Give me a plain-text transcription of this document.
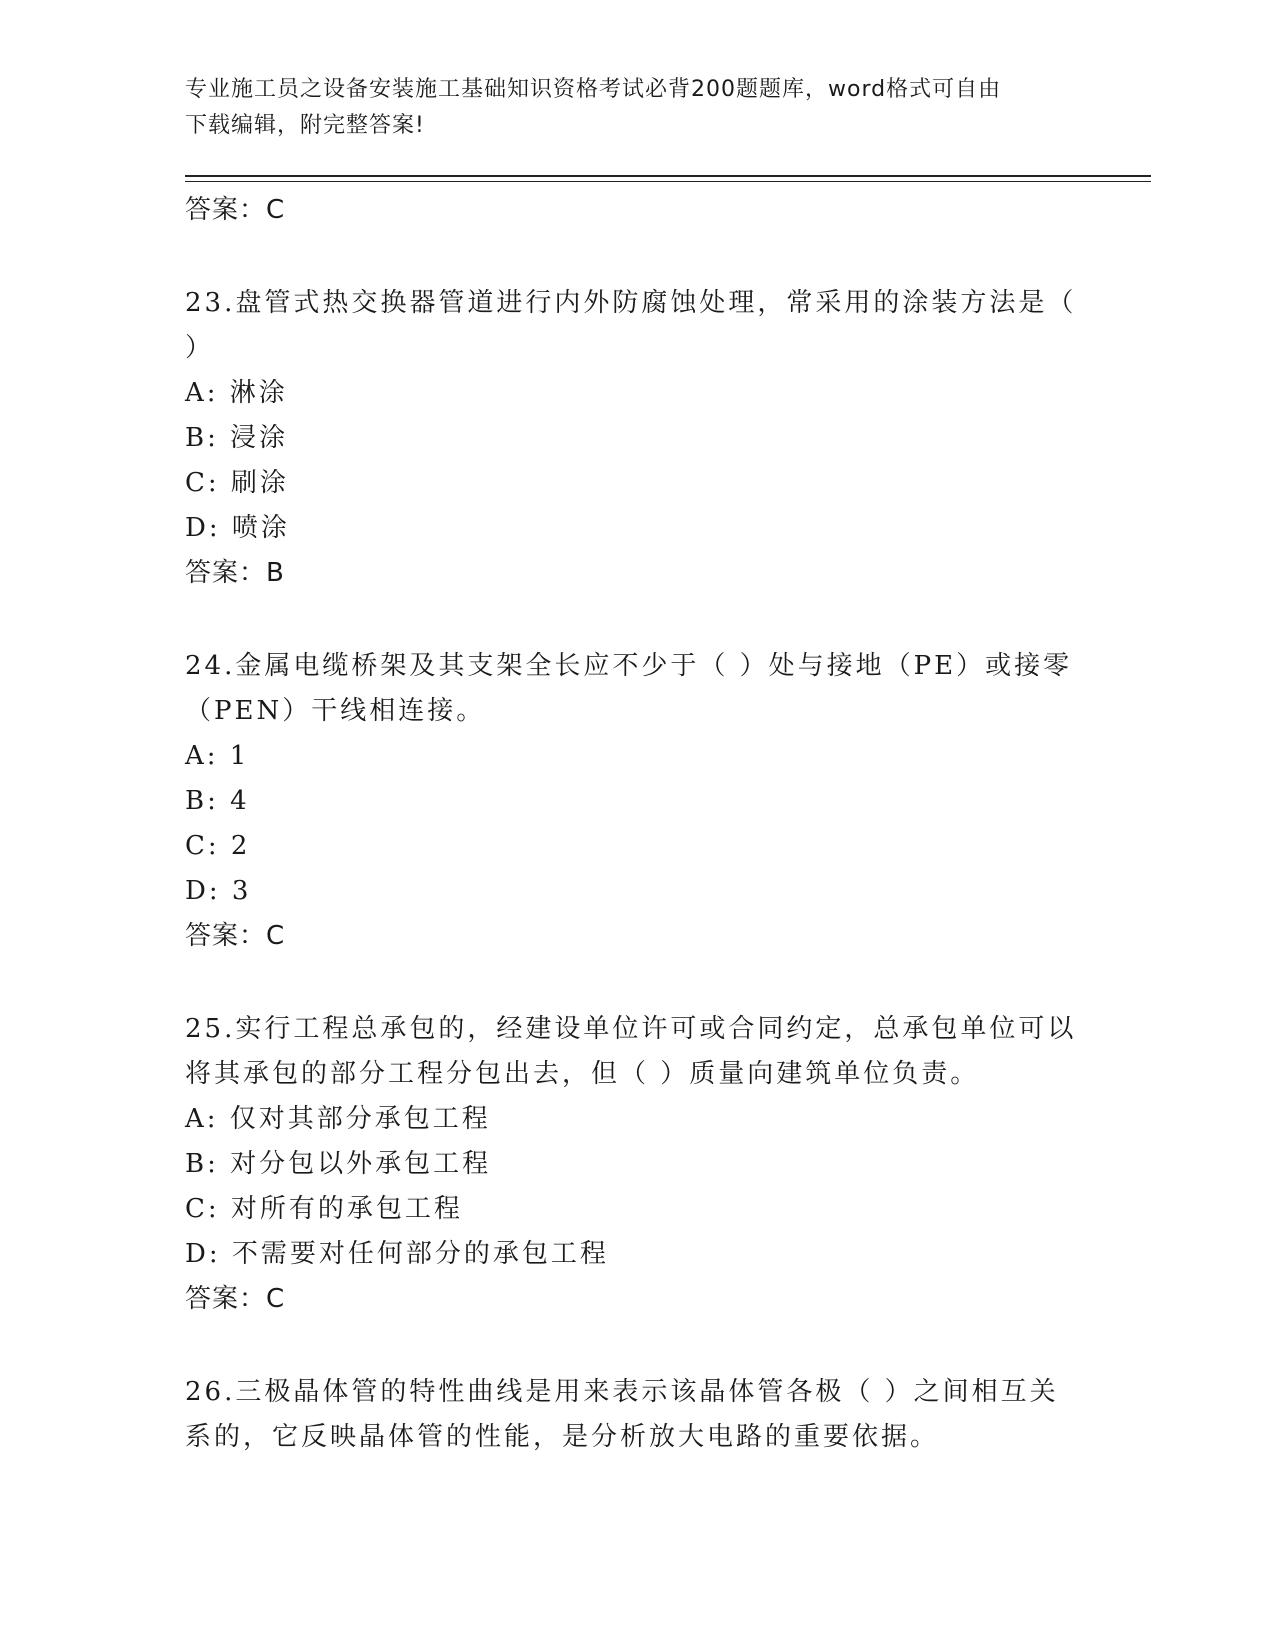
专业施工员之设备安装施工基础知识资格考试必背200题题库，word格式可自由
下载编辑，附完整答案!
答案：C
23.盘管式热交换器管道进行内外防腐蚀处理，常采用的涂装方法是（ ）
A: 淋涂
B: 浸涂
C: 刷涂
D: 喷涂
答案：B
24.金属电缆桥架及其支架全长应不少于（ ）处与接地（PE）或接零（PEN）干线相连接。
A: 1
B: 4
C: 2
D: 3
答案：C
25.实行工程总承包的，经建设单位许可或合同约定，总承包单位可以将其承包的部分工程分包出去，但（ ）质量向建筑单位负责。
A: 仅对其部分承包工程
B: 对分包以外承包工程
C: 对所有的承包工程
D: 不需要对任何部分的承包工程
答案：C
26.三极晶体管的特性曲线是用来表示该晶体管各极（ ）之间相互关系的，它反映晶体管的性能，是分析放大电路的重要依据。
